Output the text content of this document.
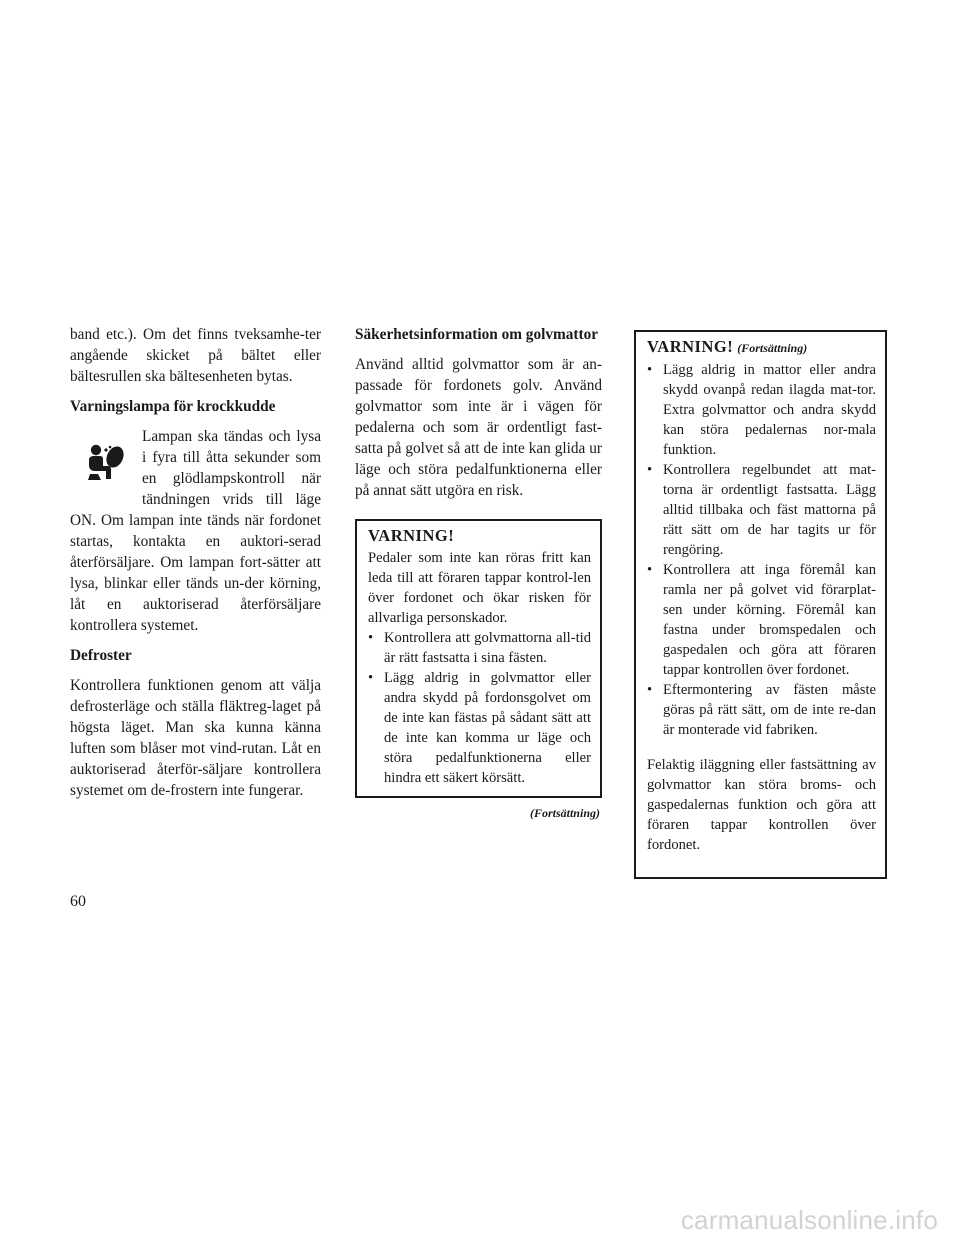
band etc.). Om det finns tveksamhe-ter angående skicket på bältet eller bältesrullen ska bältesenheten bytas.

Varningslampa för krockkudde

Lampan ska tändas och lysa i fyra till åtta sekunder som en glödlampskontroll när tändningen vrids till läge ON. Om lampan inte tänds när fordonet startas, kontakta en auktori-serad återförsäljare. Om lampan fort-sätter att lysa, blinkar eller tänds un-der körning, låt en auktoriserad återförsäljare kontrollera systemet.

Defroster

Kontrollera funktionen genom att välja defrosterläge och ställa fläktreg-laget på högsta läget. Man ska kunna känna luften som blåser mot vind-rutan. Låt en auktoriserad återför-säljare kontrollera systemet om de-frostern inte fungerar.

Säkerhetsinformation om golvmattor

Använd alltid golvmattor som är an-passade för fordonets golv. Använd golvmattor som inte är i vägen för pedalerna och som är ordentligt fast-satta på golvet så att de inte kan glida ur läge och störa pedalfunktionerna eller på annat sätt utgöra en risk.

VARNING!

Pedaler som inte kan röras fritt kan leda till att föraren tappar kontrol-len över fordonet och ökar risken för allvarliga personskador.

• Kontrollera att golvmattorna all-tid är rätt fastsatta i sina fästen.
• Lägg aldrig in golvmattor eller andra skydd på fordonsgolvet om de inte kan fästas på sådant sätt att de inte kan komma ur läge och störa pedalfunktionerna eller hindra ett säkert körsätt.
(Fortsättning)
VARNING! (Fortsättning)
• Lägg aldrig in mattor eller andra skydd ovanpå redan ilagda mat-tor. Extra golvmattor och andra skydd kan störa pedalernas nor-mala funktion.
• Kontrollera regelbundet att mat-torna är ordentligt fastsatta. Lägg alltid tillbaka och fäst mattorna på rätt sätt om de har tagits ur för rengöring.
• Kontrollera att inga föremål kan ramla ner på golvet vid förarplat-sen under körning. Föremål kan fastna under bromspedalen och gaspedalen och göra att föraren tappar kontrollen över fordonet.
• Eftermontering av fästen måste göras på rätt sätt, om de inte re-dan är monterade vid fabriken.

Felaktig iläggning eller fastsättning av golvmattor kan störa broms- och gaspedalernas funktion och göra att föraren tappar kontrollen över fordonet.

60
carmanualsonline.info
